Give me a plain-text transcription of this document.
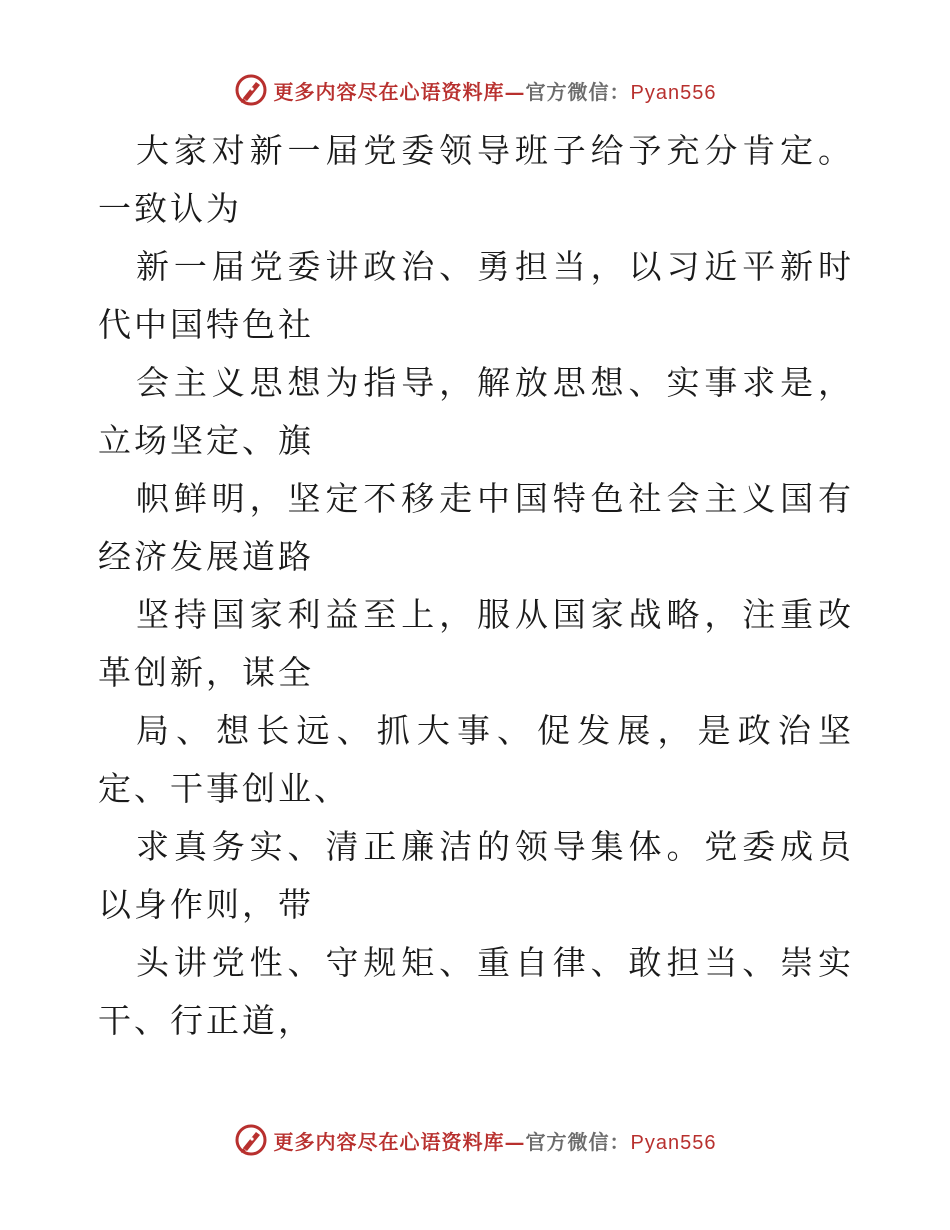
更多内容尽在心语资料库—官方微信：Pyan556

大家对新一届党委领导班子给予充分肯定。一致认为

新一届党委讲政治、勇担当，以习近平新时代中国特色社

会主义思想为指导，解放思想、实事求是，立场坚定、旗

帜鲜明，坚定不移走中国特色社会主义国有经济发展道路

坚持国家利益至上，服从国家战略，注重改革创新，谋全

局、想长远、抓大事、促发展，是政治坚定、干事创业、

求真务实、清正廉洁的领导集体。党委成员以身作则，带

头讲党性、守规矩、重自律、敢担当、崇实干、行正道，

更多内容尽在心语资料库—官方微信：Pyan556
